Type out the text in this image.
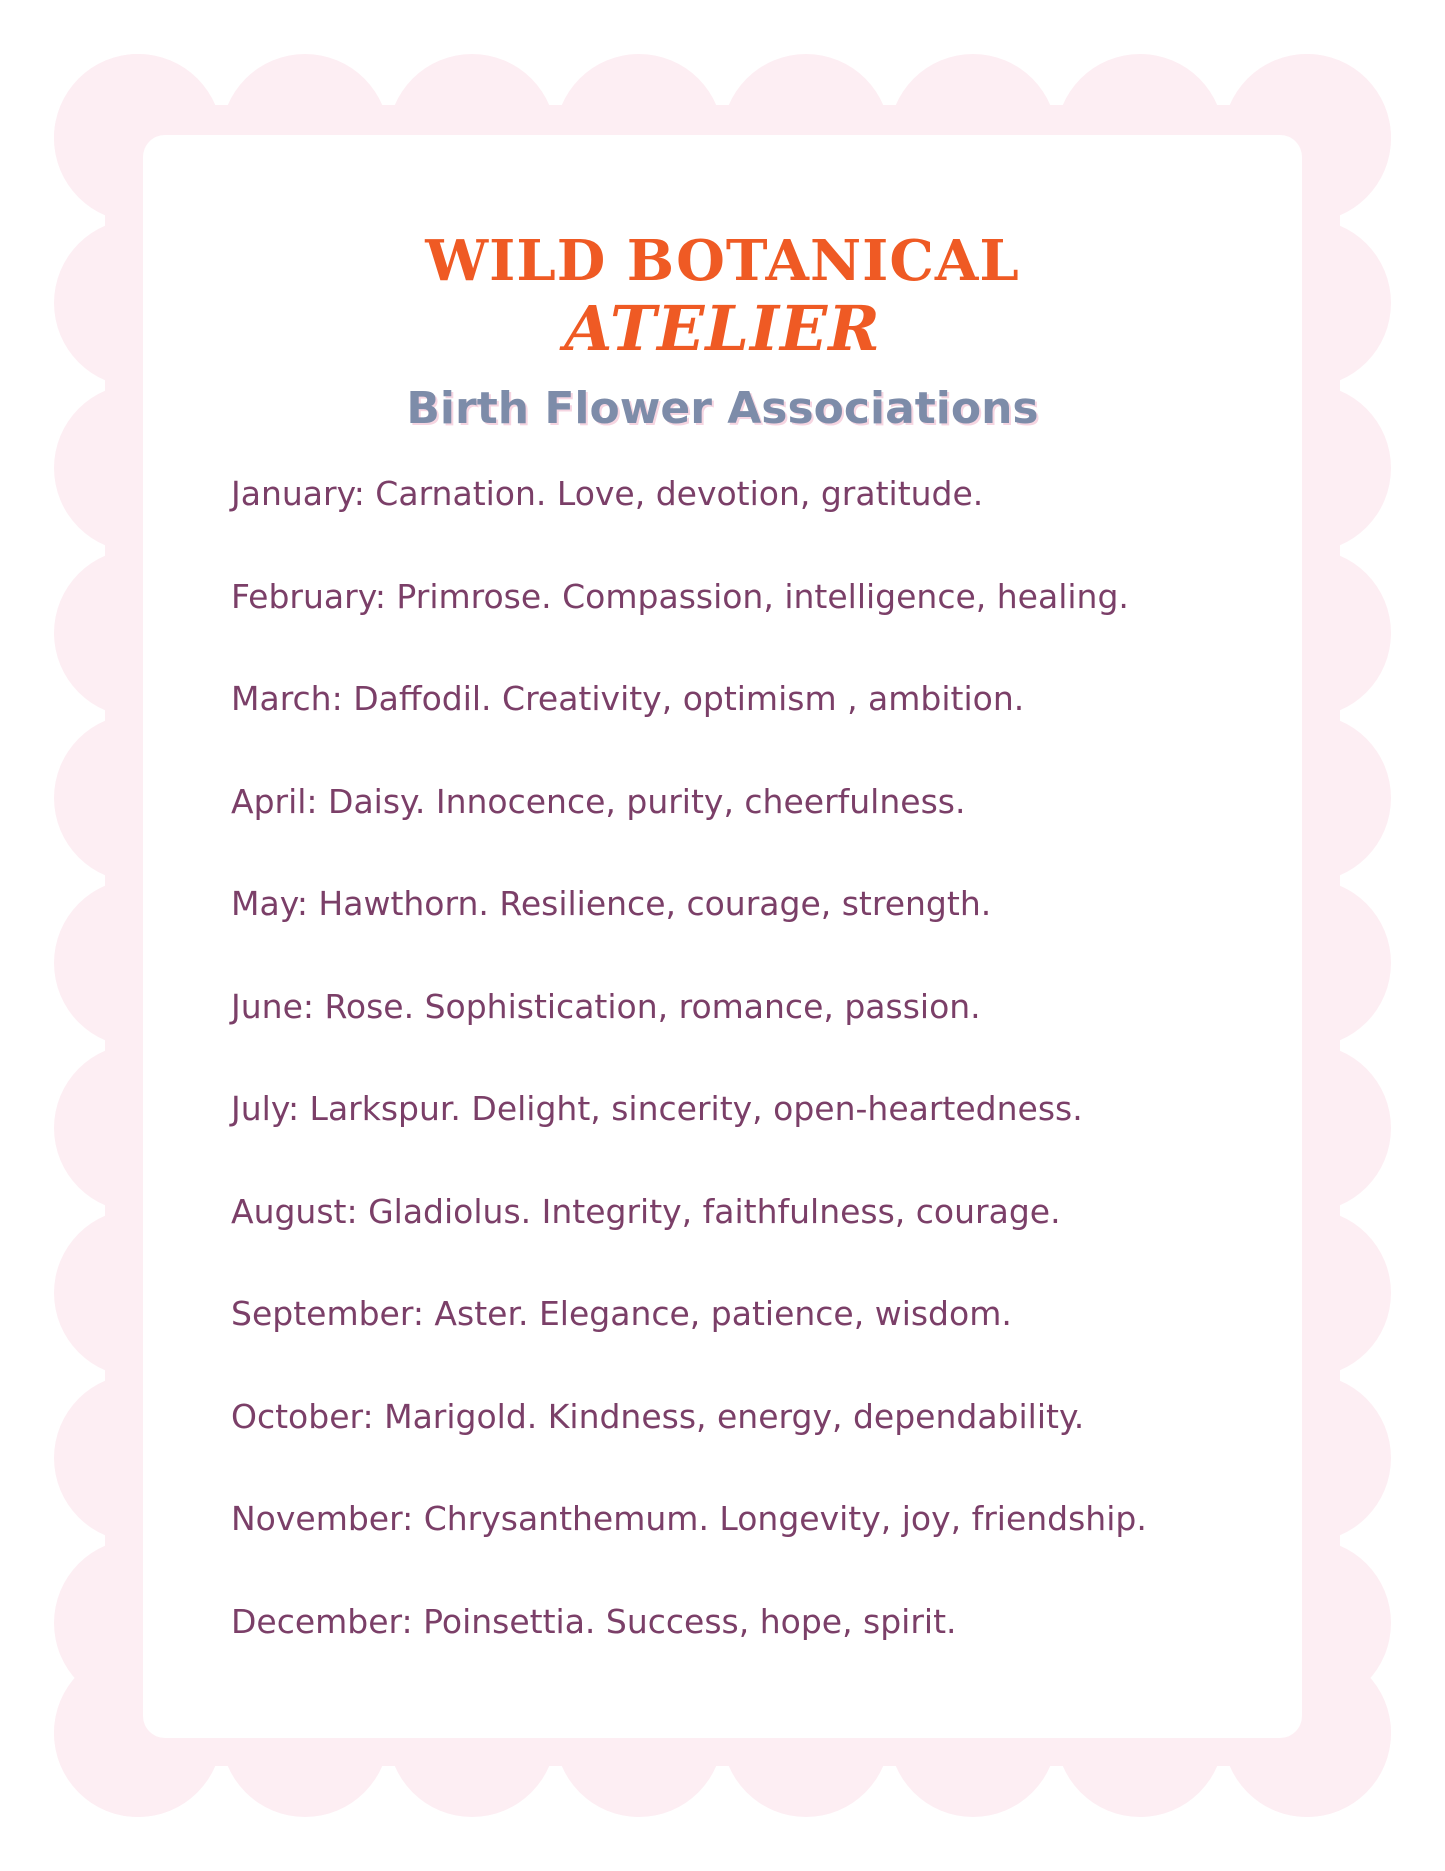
WILD BOTANICAL
ATELIER
Birth Flower Associations
January: Carnation. Love, devotion, gratitude.
February: Primrose. Compassion, intelligence, healing.
March: Daffodil. Creativity, optimism , ambition.
April: Daisy. Innocence, purity, cheerfulness.
May: Hawthorn. Resilience, courage, strength.
June: Rose. Sophistication, romance, passion.
July: Larkspur. Delight, sincerity, open-heartedness.
August: Gladiolus. Integrity, faithfulness, courage.
September: Aster. Elegance, patience, wisdom.
October: Marigold. Kindness, energy, dependability.
November: Chrysanthemum. Longevity, joy, friendship.
December: Poinsettia. Success, hope, spirit.
